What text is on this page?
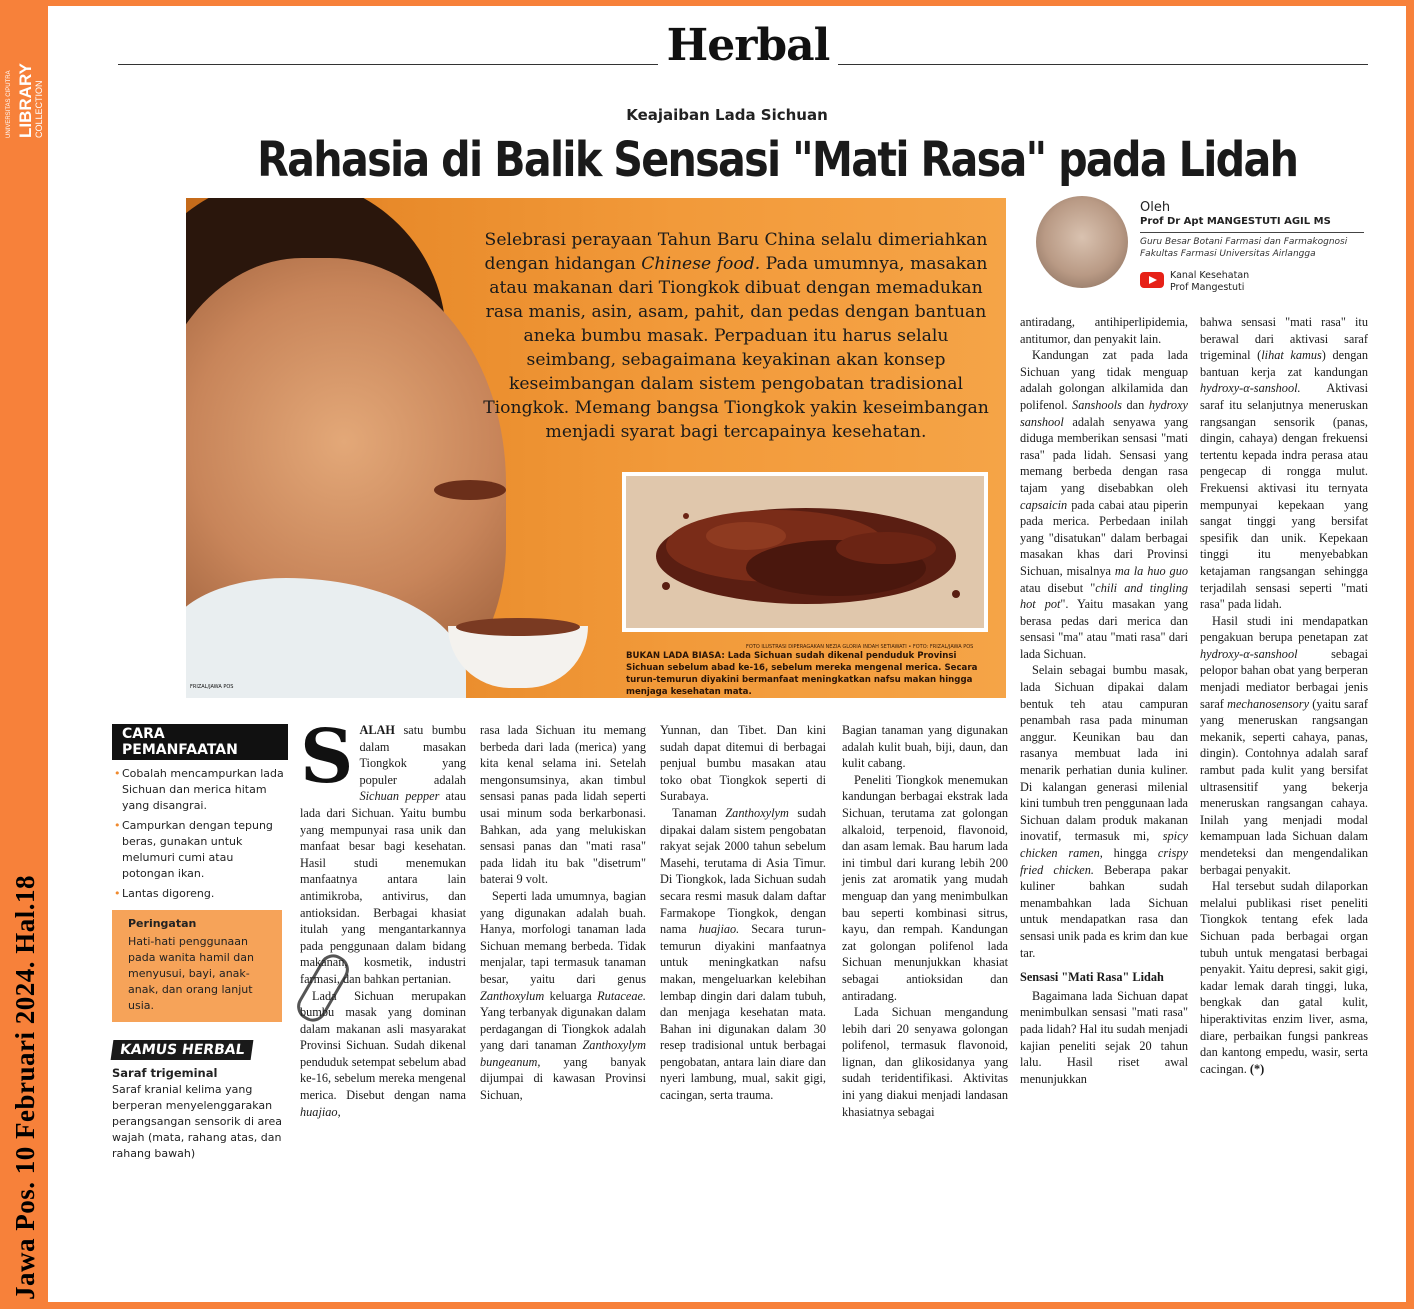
UNIVERSITAS CIPUTRA LIBRARY COLLECTION
Jawa Pos. 10 Februari 2024. Hal.18
Herbal
Keajaiban Lada Sichuan
Rahasia di Balik Sensasi "Mati Rasa" pada Lidah
Selebrasi perayaan Tahun Baru China selalu dimeriahkan dengan hidangan Chinese food. Pada umumnya, masakan atau makanan dari Tiongkok dibuat dengan memadukan rasa manis, asin, asam, pahit, dan pedas dengan bantuan aneka bumbu masak. Perpaduan itu harus selalu seimbang, sebagaimana keyakinan akan konsep keseimbangan dalam sistem pengobatan tradisional Tiongkok. Memang bangsa Tiongkok yakin keseimbangan menjadi syarat bagi tercapainya kesehatan.
FOTO ILUSTRASI DIPERAGAKAN NEZIA GLORIA INDAH SETIAWATI • FOTO: FRIZAL/JAWA POS
BUKAN LADA BIASA: Lada Sichuan sudah dikenal penduduk Provinsi Sichuan sebelum abad ke-16, sebelum mereka mengenal merica. Secara turun-temurun diyakini bermanfaat meningkatkan nafsu makan hingga menjaga kesehatan mata.
FRIZAL/JAWA POS
Oleh
Prof Dr Apt MANGESTUTI AGIL MS
Guru Besar Botani Farmasi dan Farmakognosi Fakultas Farmasi Universitas Airlangga
Kanal Kesehatan
Prof Mangestuti
CARA PEMANFAATAN
• Cobalah mencampurkan lada Sichuan dan merica hitam yang disangrai.
• Campurkan dengan tepung beras, gunakan untuk melumuri cumi atau potongan ikan.
• Lantas digoreng.
Peringatan
Hati-hati penggunaan pada wanita hamil dan menyusui, bayi, anak-anak, dan orang lanjut usia.
KAMUS HERBAL
Saraf trigeminal
Saraf kranial kelima yang berperan menyelenggarakan perangsangan sensorik di area wajah (mata, rahang atas, dan rahang bawah)

SALAH satu bumbu dalam masakan Tiongkok yang populer adalah Sichuan pepper atau lada dari Sichuan. Yaitu bumbu yang mempunyai rasa unik dan manfaat besar bagi kesehatan. Hasil studi menemukan manfaatnya antara lain antimikroba, antivirus, dan antioksidan. Berbagai khasiat itulah yang mengantarkannya pada penggunaan dalam bidang makanan, kosmetik, industri farmasi, dan bahkan pertanian.

Lada Sichuan merupakan bumbu masak yang dominan dalam makanan asli masyarakat Provinsi Sichuan. Sudah dikenal penduduk setempat sebelum abad ke-16, sebelum mereka mengenal merica. Disebut dengan nama huajiao,

rasa lada Sichuan itu memang berbeda dari lada (merica) yang kita kenal selama ini. Setelah mengonsumsinya, akan timbul sensasi panas pada lidah seperti usai minum soda berkarbonasi. Bahkan, ada yang melukiskan sensasi panas dan "mati rasa" pada lidah itu bak "disetrum" baterai 9 volt.

Seperti lada umumnya, bagian yang digunakan adalah buah. Hanya, morfologi tanaman lada Sichuan memang berbeda. Tidak menjalar, tapi termasuk tanaman besar, yaitu dari genus Zanthoxylum keluarga Rutaceae. Yang terbanyak digunakan dalam perdagangan di Tiongkok adalah yang dari tanaman Zanthoxylym bungeanum, yang banyak dijumpai di kawasan Provinsi Sichuan,

Yunnan, dan Tibet. Dan kini sudah dapat ditemui di berbagai penjual bumbu masakan atau toko obat Tiongkok seperti di Surabaya.

Tanaman Zanthoxylym sudah dipakai dalam sistem pengobatan rakyat sejak 2000 tahun sebelum Masehi, terutama di Asia Timur. Di Tiongkok, lada Sichuan sudah secara resmi masuk dalam daftar Farmakope Tiongkok, dengan nama huajiao. Secara turun-temurun diyakini manfaatnya untuk meningkatkan nafsu makan, mengeluarkan kelebihan lembap dingin dari dalam tubuh, dan menjaga kesehatan mata. Bahan ini digunakan dalam 30 resep tradisional untuk berbagai pengobatan, antara lain diare dan nyeri lambung, mual, sakit gigi, cacingan, serta trauma.

Bagian tanaman yang digunakan adalah kulit buah, biji, daun, dan kulit cabang.

Peneliti Tiongkok menemukan kandungan berbagai ekstrak lada Sichuan, terutama zat golongan alkaloid, terpenoid, flavonoid, dan asam lemak. Bau harum lada ini timbul dari kurang lebih 200 jenis zat aromatik yang mudah menguap dan yang menimbulkan bau seperti kombinasi sitrus, kayu, dan rempah. Kandungan zat golongan polifenol lada Sichuan menunjukkan khasiat sebagai antioksidan dan antiradang.

Lada Sichuan mengandung lebih dari 20 senyawa golongan polifenol, termasuk flavonoid, lignan, dan glikosidanya yang sudah teridentifikasi. Aktivitas ini yang diakui menjadi landasan khasiatnya sebagai

antiradang, antihiperlipidemia, antitumor, dan penyakit lain.

Kandungan zat pada lada Sichuan yang tidak menguap adalah golongan alkilamida dan polifenol. Sanshools dan hydroxy sanshool adalah senyawa yang diduga memberikan sensasi "mati rasa" pada lidah. Sensasi yang memang berbeda dengan rasa tajam yang disebabkan oleh capsaicin pada cabai atau piperin pada merica. Perbedaan inilah yang "disatukan" dalam berbagai masakan khas dari Provinsi Sichuan, misalnya ma la huo guo atau disebut "chili and tingling hot pot". Yaitu masakan yang berasa pedas dari merica dan sensasi "ma" atau "mati rasa" dari lada Sichuan.

Selain sebagai bumbu masak, lada Sichuan dipakai dalam bentuk teh atau campuran penambah rasa pada minuman anggur. Keunikan bau dan rasanya membuat lada ini menarik perhatian dunia kuliner. Di kalangan generasi milenial kini tumbuh tren penggunaan lada Sichuan dalam produk makanan inovatif, termasuk mi, spicy chicken ramen, hingga crispy fried chicken. Beberapa pakar kuliner bahkan sudah menambahkan lada Sichuan untuk mendapatkan rasa dan sensasi unik pada es krim dan kue tar.

Sensasi "Mati Rasa" Lidah

Bagaimana lada Sichuan dapat menimbulkan sensasi "mati rasa" pada lidah? Hal itu sudah menjadi kajian peneliti sejak 20 tahun lalu. Hasil riset awal menunjukkan

bahwa sensasi "mati rasa" itu berawal dari aktivasi saraf trigeminal (lihat kamus) dengan bantuan kerja zat kandungan hydroxy-α-sanshool. Aktivasi saraf itu selanjutnya meneruskan rangsangan sensorik (panas, dingin, cahaya) dengan frekuensi tertentu kepada indra perasa atau pengecap di rongga mulut. Frekuensi aktivasi itu ternyata mempunyai kepekaan yang sangat tinggi yang bersifat spesifik dan unik. Kepekaan tinggi itu menyebabkan ketajaman rangsangan sehingga terjadilah sensasi seperti "mati rasa" pada lidah.

Hasil studi ini mendapatkan pengakuan berupa penetapan zat hydroxy-α-sanshool sebagai pelopor bahan obat yang berperan menjadi mediator berbagai jenis saraf mechanosensory (yaitu saraf yang meneruskan rangsangan mekanik, seperti cahaya, panas, dingin). Contohnya adalah saraf rambut pada kulit yang bersifat ultrasensitif yang bekerja meneruskan rangsangan cahaya. Inilah yang menjadi modal kemampuan lada Sichuan dalam mendeteksi dan mengendalikan berbagai penyakit.

Hal tersebut sudah dilaporkan melalui publikasi riset peneliti Tiongkok tentang efek lada Sichuan pada berbagai organ tubuh untuk mengatasi berbagai penyakit. Yaitu depresi, sakit gigi, kadar lemak darah tinggi, luka, bengkak dan gatal kulit, hiperaktivitas enzim liver, asma, diare, perbaikan fungsi pankreas dan kantong empedu, wasir, serta cacingan. (*)
